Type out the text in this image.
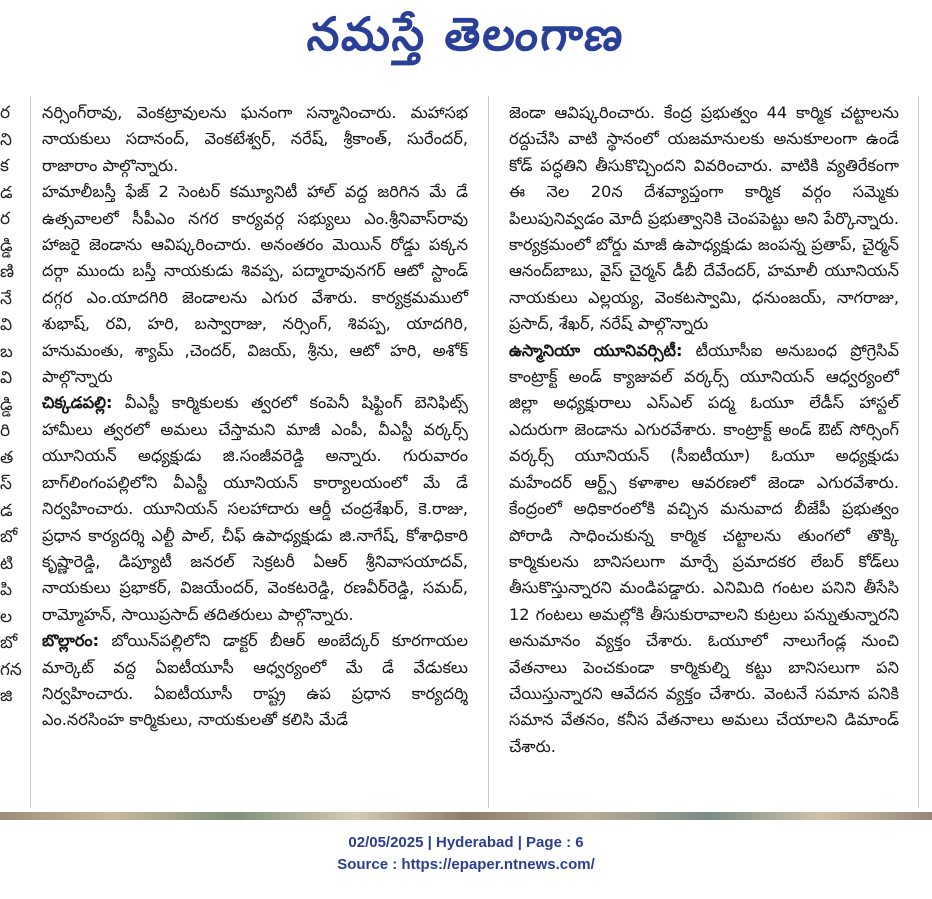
నమస్తే తెలంగాణ
ర
ని
క
డ
ర
డ్డి
ణి
నే
వి
బ
వి
డ్డి
రి
త
స్
డ
బో
టి
పి
ల
బో
గన
జి

నర్సింగ్‌రావు, వెంకట్రావులను ఘనంగా సన్మానించారు. మహాసభ నాయకులు సదానంద్, వెంకటేశ్వర్, నరేష్, శ్రీకాంత్, సురేందర్, రాజారాం పాల్గొన్నారు.

హమాలీబస్తీ ఫేజ్ 2 సెంటర్ కమ్యూనిటీ హాల్ వద్ద జరిగిన మే డే ఉత్సవాలలో సీపీఎం నగర కార్యవర్గ సభ్యులు ఎం.శ్రీనివాస్‌రావు హాజరై జెండాను ఆవిష్కరించారు. అనంతరం మెయిన్ రోడ్డు పక్కన దర్గా ముందు బస్తీ నాయకుడు శివప్ప, పద్మారావునగర్ ఆటో స్టాండ్ దగ్గర ఎం.యాదగిరి జెండాలను ఎగుర వేశారు. కార్యక్రమములో శుభాష్, రవి, హరి, బస్వారాజు, నర్సింగ్, శివప్ప, యాదగిరి, హనుమంతు, శ్యామ్ ,చెందర్, విజయ్, శ్రీను, ఆటో హరి, అశోక్ పాల్గొన్నారు

చిక్కడపల్లి: వీఎస్టీ కార్మికులకు త్వరలో కంపెనీ షిఫ్టింగ్ బెనిఫిట్స్ హామీలు త్వరలో అమలు చేస్తామని మాజీ ఎంపీ, వీఎస్టీ వర్కర్స్ యూనియన్ అధ్యక్షుడు జి.సంజీవరెడ్డి అన్నారు. గురువారం బాగ్‌లింగంపల్లిలోని వీఎస్టీ యూనియన్ కార్యాలయంలో మే డే నిర్వహించారు. యూనియన్ సలహాదారు ఆర్డీ చంద్రశేఖర్, కె.రాజు, ప్రధాన కార్యదర్శి ఎల్టీ పాల్, చీఫ్ ఉపాధ్యక్షుడు జి.నాగేష్, కోశాధికారి కృష్ణారెడ్డి, డిప్యూటీ జనరల్ సెక్రటరీ ఏఆర్ శ్రీనివాసయాదవ్, నాయకులు ప్రభాకర్, విజయేందర్, వెంకటరెడ్డి, రణవీర్‌రెడ్డి, సమద్, రామ్మోహన్, సాయిప్రసాద్ తదితరులు పాల్గొన్నారు.

బొల్లారం: బోయిన్‌పల్లిలోని డాక్టర్ బీఆర్ అంబేద్కర్ కూరగాయల మార్కెట్ వద్ద ఏఐటీయూసీ ఆధ్వర్యంలో మే డే వేడుకలు నిర్వహించారు. ఏఐటీయూసీ రాష్ట్ర ఉప ప్రధాన కార్యదర్శి ఎం.నరసింహ కార్మికులు, నాయకులతో కలిసి మేడే

జెండా ఆవిష్కరించారు. కేంద్ర ప్రభుత్వం 44 కార్మిక చట్టాలను రద్దుచేసి వాటి స్థానంలో యజమానులకు అనుకూలంగా ఉండే కోడ్ పద్ధతిని తీసుకొచ్చిందని వివరించారు. వాటికి వ్యతిరేకంగా ఈ నెల 20న దేశవ్యాప్తంగా కార్మిక వర్గం సమ్మెకు పిలుపునివ్వడం మోదీ ప్రభుత్వానికి చెంపపెట్టు అని పేర్కొన్నారు. కార్యక్రమంలో బోర్డు మాజీ ఉపాధ్యక్షుడు జంపన్న ప్రతాప్, చైర్మన్ ఆనంద్‌బాబు, వైస్ చైర్మన్ డీబీ దేవేందర్, హమాలీ యూనియన్ నాయకులు ఎల్లయ్య, వెంకటస్వామి, ధనుంజయ్, నాగరాజు, ప్రసాద్, శేఖర్, నరేష్ పాల్గొన్నారు

ఉస్మానియా యూనివర్సిటీ: టీయూసీఐ అనుబంధ ప్రోగ్రెసివ్ కాంట్రాక్ట్ అండ్ క్యాజువల్ వర్కర్స్ యూనియన్ ఆధ్వర్యంలో జిల్లా అధ్యక్షురాలు ఎస్ఎల్ పద్మ ఓయూ లేడీస్ హాస్టల్ ఎదురుగా జెండాను ఎగురవేశారు. కాంట్రాక్ట్ అండ్ ఔట్ సోర్సింగ్ వర్కర్స్ యూనియన్ (సీఐటీయూ) ఓయూ అధ్యక్షుడు మహేందర్ ఆర్ట్స్ కళాశాల ఆవరణలో జెండా ఎగురవేశారు. కేంద్రంలో అధికారంలోకి వచ్చిన మనువాద బీజేపీ ప్రభుత్వం పోరాడి సాధించుకున్న కార్మిక చట్టాలను తుంగలో తొక్కి కార్మికులను బానిసలుగా మార్చే ప్రమాదకర లేబర్ కోడ్‌లు తీసుకొస్తున్నారని మండిపడ్డారు. ఎనిమిది గంటల పనిని తీసేసి 12 గంటలు అమల్లోకి తీసుకురావాలని కుట్రలు పన్నుతున్నారని అనుమానం వ్యక్తం చేశారు. ఓయూలో నాలుగేండ్ల నుంచి వేతనాలు పెంచకుండా కార్మికుల్ని కట్టు బానిసలుగా పని చేయిస్తున్నారని ఆవేదన వ్యక్తం చేశారు. వెంటనే సమాన పనికి సమాన వేతనం, కనీస వేతనాలు అమలు చేయాలని డిమాండ్ చేశారు.

02/05/2025 | Hyderabad | Page : 6
Source : https://epaper.ntnews.com/
